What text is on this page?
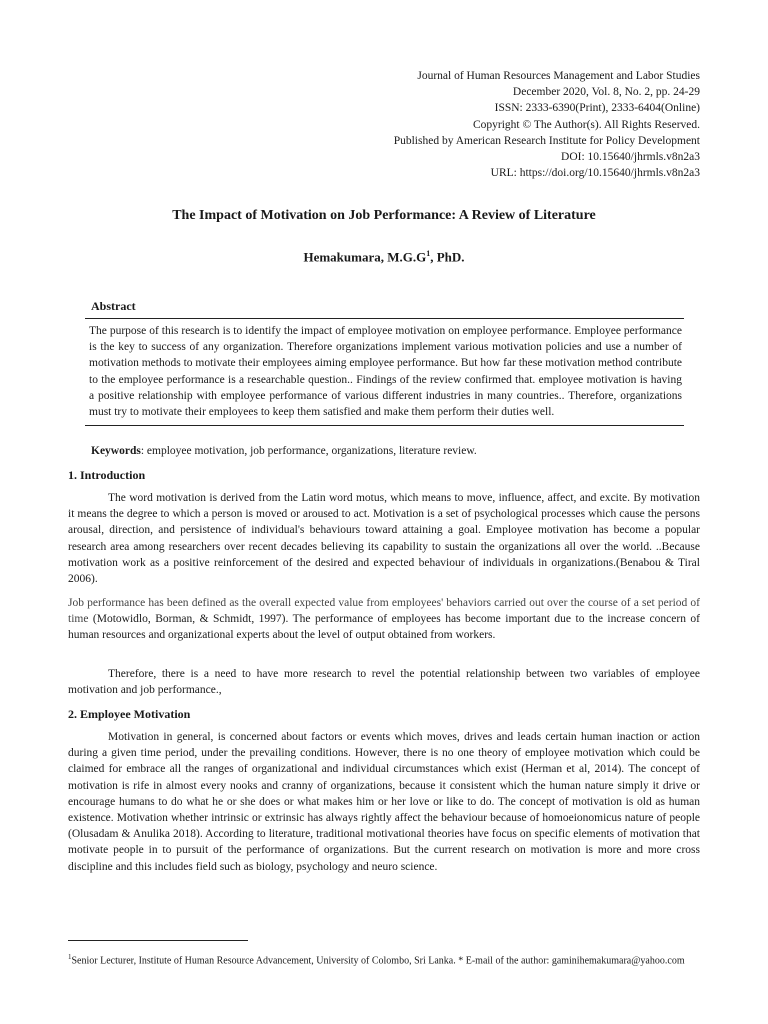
Journal of Human Resources Management and Labor Studies
December 2020, Vol. 8, No. 2, pp. 24-29
ISSN: 2333-6390(Print), 2333-6404(Online)
Copyright © The Author(s). All Rights Reserved.
Published by American Research Institute for Policy Development
DOI: 10.15640/jhrmls.v8n2a3
URL: https://doi.org/10.15640/jhrmls.v8n2a3
The Impact of Motivation on Job Performance: A Review of Literature
Hemakumara, $M.G.G^1$, PhD.
Abstract
The purpose of this research is to identify the impact of employee motivation on employee performance. Employee performance is the key to success of any organization. Therefore organizations implement various motivation policies and use a number of motivation methods to motivate their employees aiming employee performance. But how far these motivation method contribute to the employee performance is a researchable question.. Findings of the review confirmed that. employee motivation is having a positive relationship with employee performance of various different industries in many countries.. Therefore, organizations must try to motivate their employees to keep them satisfied and make them perform their duties well.
Keywords: employee motivation, job performance, organizations, literature review.
1. Introduction

The word motivation is derived from the Latin word motus, which means to move, influence, affect, and excite. By motivation it means the degree to which a person is moved or aroused to act. Motivation is a set of psychological processes which cause the persons arousal, direction, and persistence of individual's behaviours toward attaining a goal. Employee motivation has become a popular research area among researchers over recent decades believing its capability to sustain the organizations all over the world. ..Because motivation work as a positive reinforcement of the desired and expected behaviour of individuals in organizations.(Benabou & Tiral 2006).

Job performance has been defined as the overall expected value from employees' behaviors carried out over the course of a set period of time (Motowidlo, Borman, & Schmidt, 1997). The performance of employees has become important due to the increase concern of human resources and organizational experts about the level of output obtained from workers.

Therefore, there is a need to have more research to revel the potential relationship between two variables of employee motivation and job performance.,

2. Employee Motivation

Motivation in general, is concerned about factors or events which moves, drives and leads certain human inaction or action during a given time period, under the prevailing conditions. However, there is no one theory of employee motivation which could be claimed for embrace all the ranges of organizational and individual circumstances which exist (Herman et al, 2014). The concept of motivation is rife in almost every nooks and cranny of organizations, because it consistent which the human nature simply it drive or encourage humans to do what he or she does or what makes him or her love or like to do. The concept of motivation is old as human existence. Motivation whether intrinsic or extrinsic has always rightly affect the behaviour because of homoeionomicus nature of people (Olusadam & Anulika 2018). According to literature, traditional motivational theories have focus on specific elements of motivation that motivate people in to pursuit of the performance of organizations. But the current research on motivation is more and more cross discipline and this includes field such as biology, psychology and neuro science.

$^1$Senior Lecturer, Institute of Human Resource Advancement, University of Colombo, Sri Lanka. * E-mail of the author: gaminihemakumara@yahoo.com
